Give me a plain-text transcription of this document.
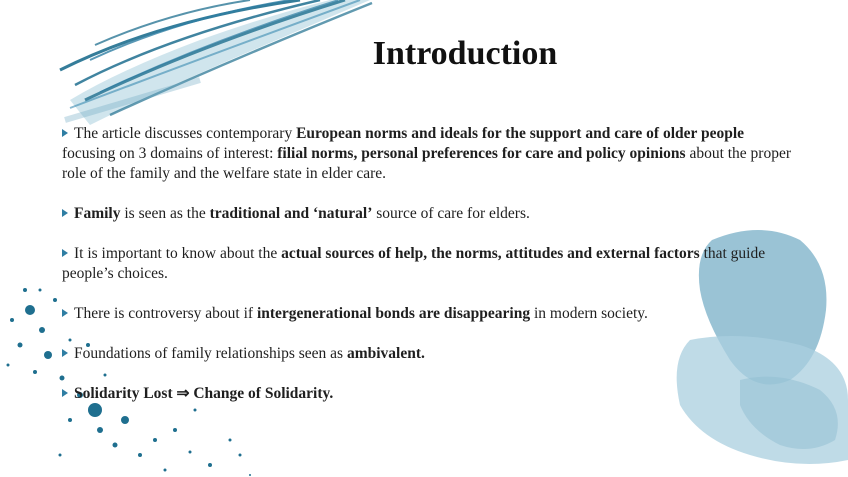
Introduction

The article discusses contemporary European norms and ideals for the support and care of older people focusing on 3 domains of interest: filial norms, personal preferences for care and policy opinions about the proper role of the family and the welfare state in elder care.

Family is seen as the traditional and ‘natural’ source of care for elders.

It is important to know about the actual sources of help, the norms, attitudes and external factors that guide people’s choices.

There is controversy about if intergenerational bonds are disappearing in modern society.

Foundations of family relationships seen as ambivalent.

Solidarity Lost ⇒ Change of Solidarity.
